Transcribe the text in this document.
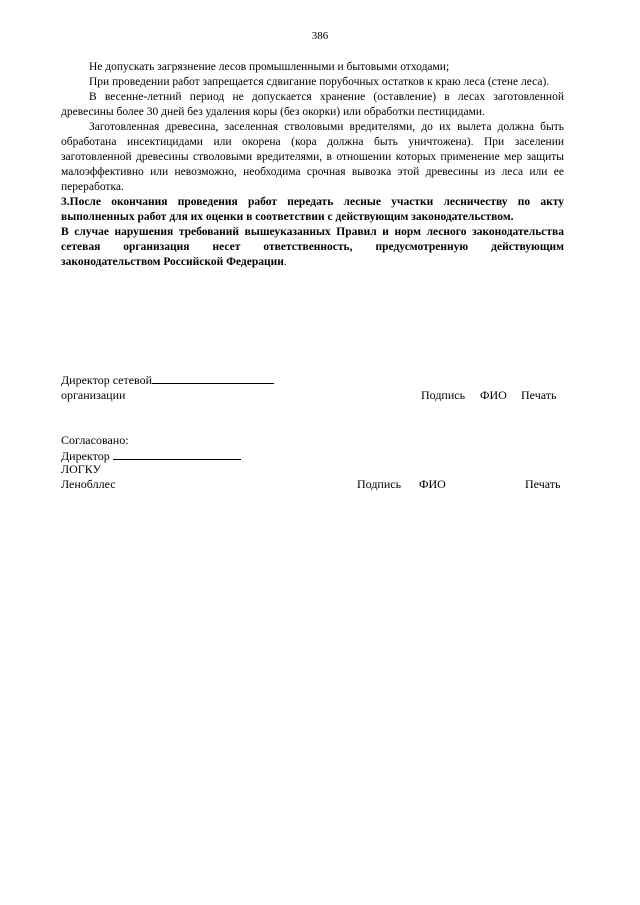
386

Не допускать загрязнение лесов промышленными и бытовыми отходами;

При проведении работ запрещается сдвигание порубочных остатков к краю леса (стене леса).

В весенне-летний период не допускается хранение (оставление) в лесах заготовленной древесины более 30 дней без удаления коры (без окорки) или обработки пестицидами.

Заготовленная древесина, заселенная стволовыми вредителями, до их вылета должна быть обработана инсектицидами или окорена (кора должна быть уничтожена). При заселении заготовленной древесины стволовыми вредителями, в отношении которых применение мер защиты малоэффективно или невозможно, необходима срочная вывозка этой древесины из леса или ее переработка.

3.После окончания проведения работ передать лесные участки лесничеству по акту выполненных работ для их оценки в соответствии с действующим законодательством.

В случае нарушения требований вышеуказанных Правил и норм лесного законодательства сетевая организация несет ответственность, предусмотренную действующим законодательством Российской Федерации.

Директор сетевой
организации	Подпись ФИО Печать
Согласовано:
Директор
ЛОГКУ
Ленобллес	Подпись ФИО	Печать
